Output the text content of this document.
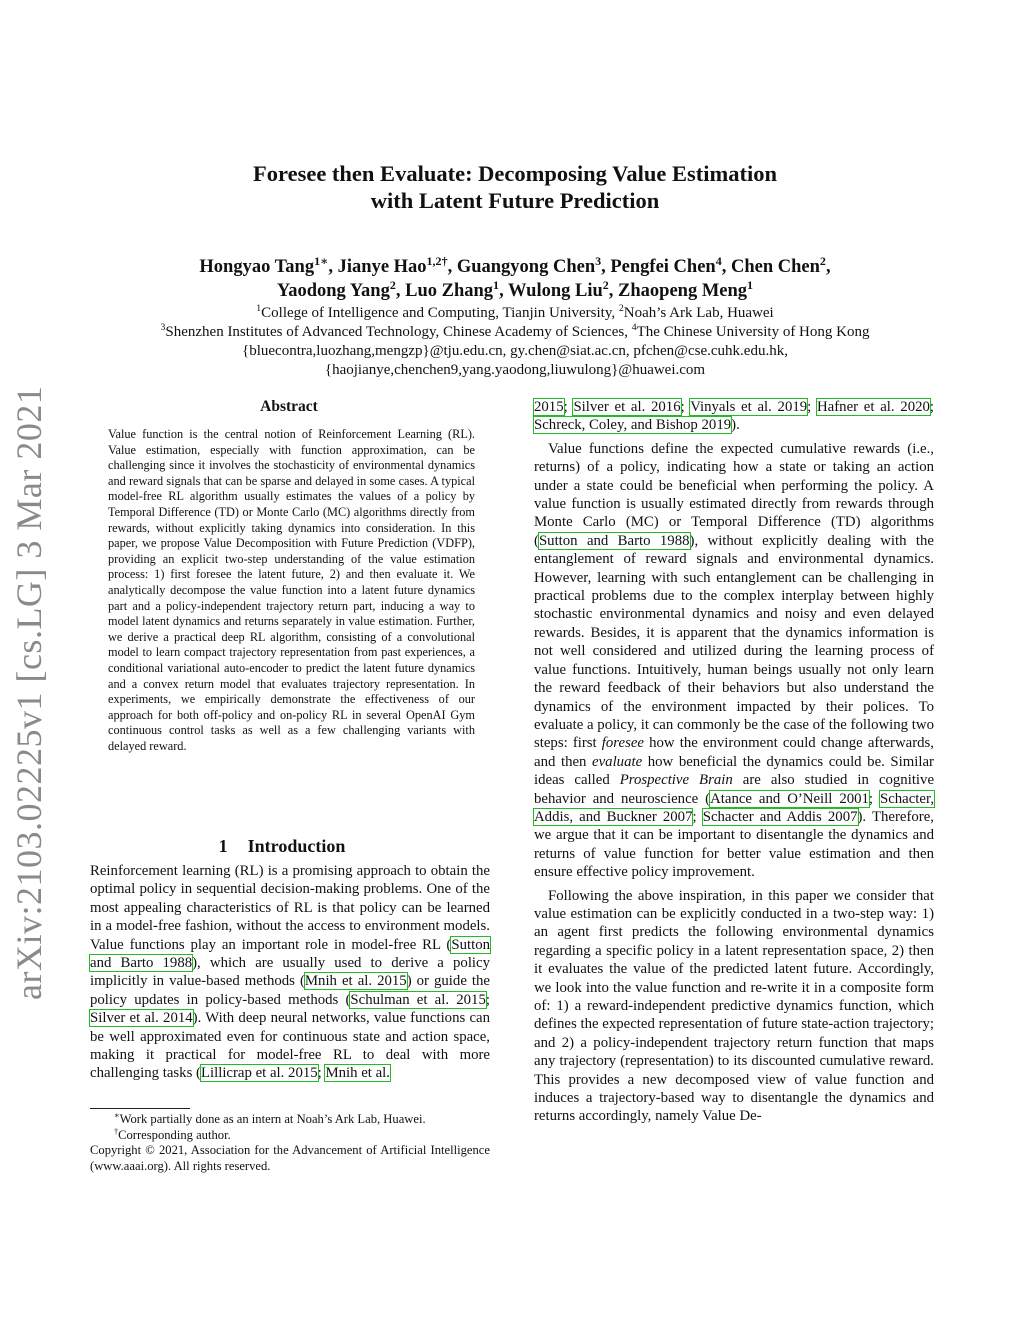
arXiv:2103.02225v1 [cs.LG] 3 Mar 2021
Foresee then Evaluate: Decomposing Value Estimation
with Latent Future Prediction
Hongyao Tang$^{1∗}$, Jianye Hao$^{1,2\dagger}$, Guangyong Chen$^3$, Pengfei Chen$^4$, Chen Chen$^2$,
Yaodong Yang$^2$, Luo Zhang$^1$, Wulong Liu$^2$, Zhaopeng Meng$^1$
$^1$College of Intelligence and Computing, Tianjin University, $^2$Noah’s Ark Lab, Huawei
$^3$Shenzhen Institutes of Advanced Technology, Chinese Academy of Sciences, $^4$The Chinese University of Hong Kong
{bluecontra,luozhang,mengzp}@tju.edu.cn, gy.chen@siat.ac.cn, pfchen@cse.cuhk.edu.hk,
{haojianye,chenchen9,yang.yaodong,liuwulong}@huawei.com
Abstract
Value function is the central notion of Reinforcement Learning (RL). Value estimation, especially with function approximation, can be challenging since it involves the stochasticity of environmental dynamics and reward signals that can be sparse and delayed in some cases. A typical model-free RL algorithm usually estimates the values of a policy by Temporal Difference (TD) or Monte Carlo (MC) algorithms directly from rewards, without explicitly taking dynamics into consideration. In this paper, we propose Value Decomposition with Future Prediction (VDFP), providing an explicit two-step understanding of the value estimation process: 1) first foresee the latent future, 2) and then evaluate it. We analytically decompose the value function into a latent future dynamics part and a policy-independent trajectory return part, inducing a way to model latent dynamics and returns separately in value estimation. Further, we derive a practical deep RL algorithm, consisting of a convolutional model to learn compact trajectory representation from past experiences, a conditional variational auto-encoder to predict the latent future dynamics and a convex return model that evaluates trajectory representation. In experiments, we empirically demonstrate the effectiveness of our approach for both off-policy and on-policy RL in several OpenAI Gym continuous control tasks as well as a few challenging variants with delayed reward.
1 Introduction
Reinforcement learning (RL) is a promising approach to obtain the optimal policy in sequential decision-making problems. One of the most appealing characteristics of RL is that policy can be learned in a model-free fashion, without the access to environment models. Value functions play an important role in model-free RL (Sutton and Barto 1988), which are usually used to derive a policy implicitly in value-based methods (Mnih et al. 2015) or guide the policy updates in policy-based methods (Schulman et al. 2015; Silver et al. 2014). With deep neural networks, value functions can be well approximated even for continuous state and action space, making it practical for model-free RL to deal with more challenging tasks (Lillicrap et al. 2015; Mnih et al.
∗Work partially done as an intern at Noah’s Ark Lab, Huawei.
†Corresponding author.
Copyright © 2021, Association for the Advancement of Artificial Intelligence (www.aaai.org). All rights reserved.

2015; Silver et al. 2016; Vinyals et al. 2019; Hafner et al. 2020; Schreck, Coley, and Bishop 2019).

Value functions define the expected cumulative rewards (i.e., returns) of a policy, indicating how a state or taking an action under a state could be beneficial when performing the policy. A value function is usually estimated directly from rewards through Monte Carlo (MC) or Temporal Difference (TD) algorithms (Sutton and Barto 1988), without explicitly dealing with the entanglement of reward signals and environmental dynamics. However, learning with such entanglement can be challenging in practical problems due to the complex interplay between highly stochastic environmental dynamics and noisy and even delayed rewards. Besides, it is apparent that the dynamics information is not well considered and utilized during the learning process of value functions. Intuitively, human beings usually not only learn the reward feedback of their behaviors but also understand the dynamics of the environment impacted by their polices. To evaluate a policy, it can commonly be the case of the following two steps: first foresee how the environment could change afterwards, and then evaluate how beneficial the dynamics could be. Similar ideas called Prospective Brain are also studied in cognitive behavior and neuroscience (Atance and O’Neill 2001; Schacter, Addis, and Buckner 2007; Schacter and Addis 2007). Therefore, we argue that it can be important to disentangle the dynamics and returns of value function for better value estimation and then ensure effective policy improvement.

Following the above inspiration, in this paper we consider that value estimation can be explicitly conducted in a two-step way: 1) an agent first predicts the following environmental dynamics regarding a specific policy in a latent representation space, 2) then it evaluates the value of the predicted latent future. Accordingly, we look into the value function and re-write it in a composite form of: 1) a reward-independent predictive dynamics function, which defines the expected representation of future state-action trajectory; and 2) a policy-independent trajectory return function that maps any trajectory (representation) to its discounted cumulative reward. This provides a new decomposed view of value function and induces a trajectory-based way to disentangle the dynamics and returns accordingly, namely Value De-
